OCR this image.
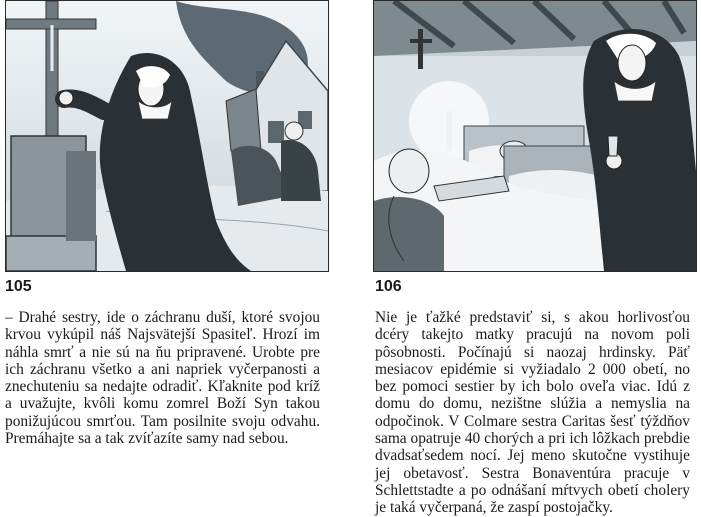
105
– Drahé sestry, ide o záchranu duší, ktoré svojou krvou vykúpil náš Najsvätejší Spasiteľ. Hrozí im náhla smrť a nie sú na ňu pripravené. Urobte pre ich záchranu všetko a ani napriek vyčerpanosti a znechuteniu sa nedajte odradiť. Kľaknite pod kríž a uvažujte, kvôli komu zomrel Boží Syn takou ponižujúcou smrťou. Tam posilnite svoju odvahu. Premáhajte sa a tak zvíťazíte samy nad sebou.
106
Nie je ťažké predstaviť si, s akou horlivosťou dcéry takejto matky pracujú na novom poli pôsobnosti. Počínajú si naozaj hrdinsky. Päť mesiacov epidémie si vyžiadalo 2 000 obetí, no bez pomoci sestier by ich bolo oveľa viac. Idú z domu do domu, nezištne slúžia a nemyslia na odpočinok. V Colmare sestra Caritas šesť týždňov sama opatruje 40 chorých a pri ich lôžkach prebdie dvadsaťsedem nocí. Jej meno skutočne vystihuje jej obetavosť. Sestra Bonaventúra pracuje v Schlettstadte a po odnášaní mŕtvych obetí cholery je taká vyčerpaná, že zaspí postojačky.
